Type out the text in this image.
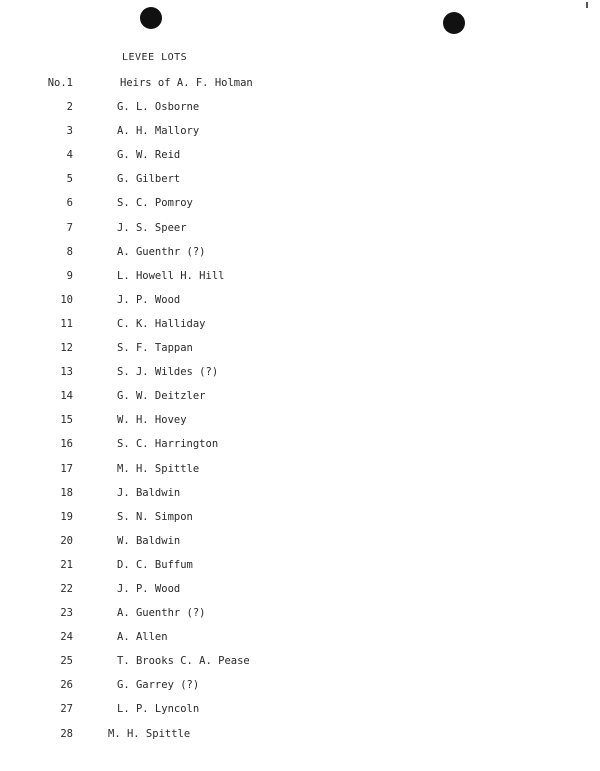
LEVEE LOTS
No.1	Heirs of A. F. Holman
2	G. L. Osborne
3	A. H. Mallory
4	G. W. Reid
5	G. Gilbert
6	S. C. Pomroy
7	J. S. Speer
8	A. Guenthr (?)
9	L. Howell H. Hill
10	J. P. Wood
11	C. K. Halliday
12	S. F. Tappan
13	S. J. Wildes (?)
14	G. W. Deitzler
15	W. H. Hovey
16	S. C. Harrington
17	M. H. Spittle
18	J. Baldwin
19	S. N. Simpon
20	W. Baldwin
21	D. C. Buffum
22	J. P. Wood
23	A. Guenthr (?)
24	A. Allen
25	T. Brooks C. A. Pease
26	G. Garrey (?)
27	L. P. Lyncoln
28	M. H. Spittle
